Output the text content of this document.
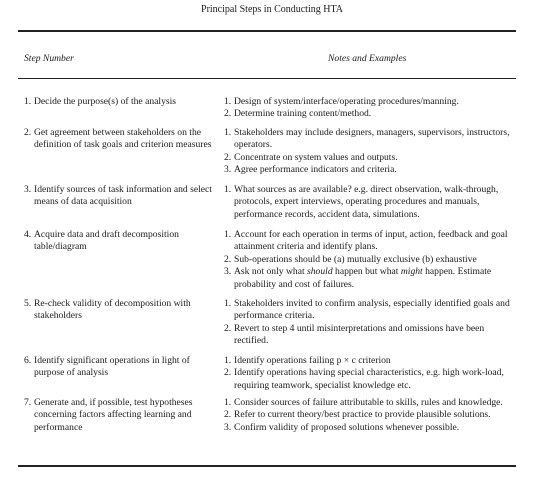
Principal Steps in Conducting HTA
Step Number	Notes and Examples
1. Decide the purpose(s) of the analysis	1. Design of system/interface/operating procedures/manning.
2. Determine training content/method.
2. Get agreement between stakeholders on the definition of task goals and criterion measures
1. Stakeholders may include designers, managers, supervisors, instructors, operators.
2. Concentrate on system values and outputs.
3. Agree performance indicators and criteria.
3. Identify sources of task information and select means of data acquisition
1. What sources as are available? e.g. direct observation, walk-through, protocols, expert interviews, operating procedures and manuals, performance records, accident data, simulations.
4. Acquire data and draft decomposition table/diagram
1. Account for each operation in terms of input, action, feedback and goal attainment criteria and identify plans.
2. Sub-operations should be (a) mutually exclusive (b) exhaustive
3. Ask not only what should happen but what might happen. Estimate probability and cost of failures.
5. Re-check validity of decomposition with stakeholders
1. Stakeholders invited to confirm analysis, especially identified goals and performance criteria.
2. Revert to step 4 until misinterpretations and omissions have been rectified.
6. Identify significant operations in light of purpose of analysis
1. Identify operations failing p × c criterion
2. Identify operations having special characteristics, e.g. high work-load, requiring teamwork, specialist knowledge etc.
7. Generate and, if possible, test hypotheses concerning factors affecting learning and performance
1. Consider sources of failure attributable to skills, rules and knowledge.
2. Refer to current theory/best practice to provide plausible solutions.
3. Confirm validity of proposed solutions whenever possible.
